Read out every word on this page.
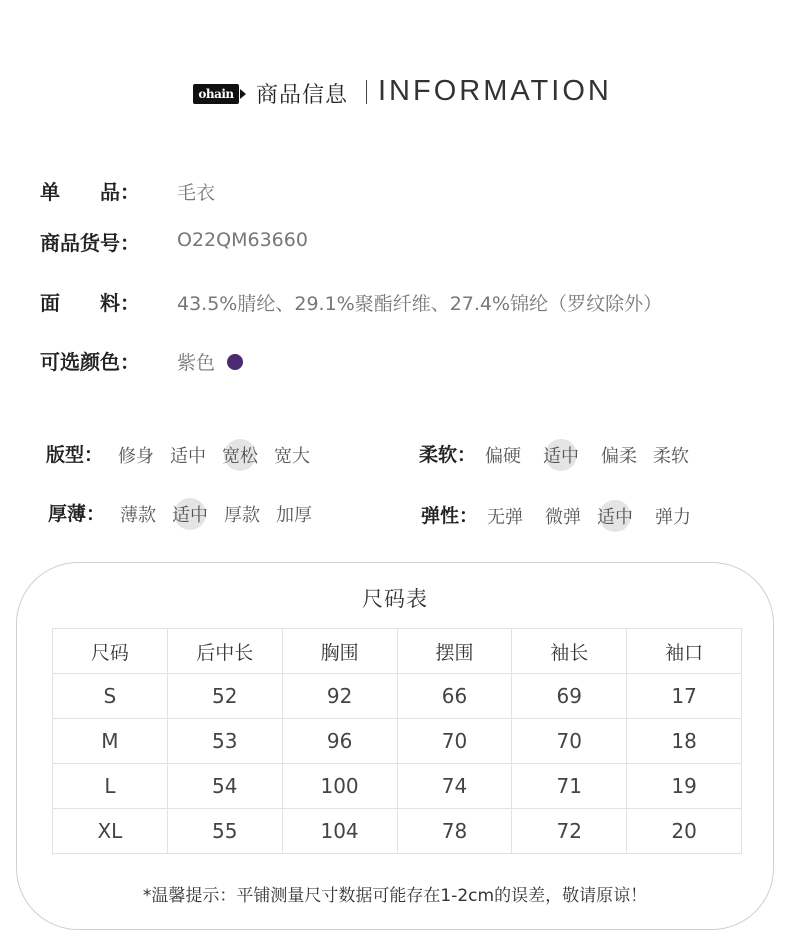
ohain 商品信息 INFORMATION
单　　品： 毛衣
商品货号： O22QM63660
面　　料： 43.5%腈纶、29.1%聚酯纤维、27.4%锦纶（罗纹除外）
可选颜色： 紫色
版型： 修身 适中 宽松 宽大	柔软： 偏硬 适中 偏柔 柔软
厚薄： 薄款 适中 厚款 加厚	弹性： 无弹 微弹 适中 弹力
尺码表
尺码	后中长	胸围	摆围	袖长	袖口
S	52	92	66	69	17
M	53	96	70	70	18
L	54	100	74	71	19
XL	55	104	78	72	20
*温馨提示：平铺测量尺寸数据可能存在1-2cm的误差，敬请原谅！
